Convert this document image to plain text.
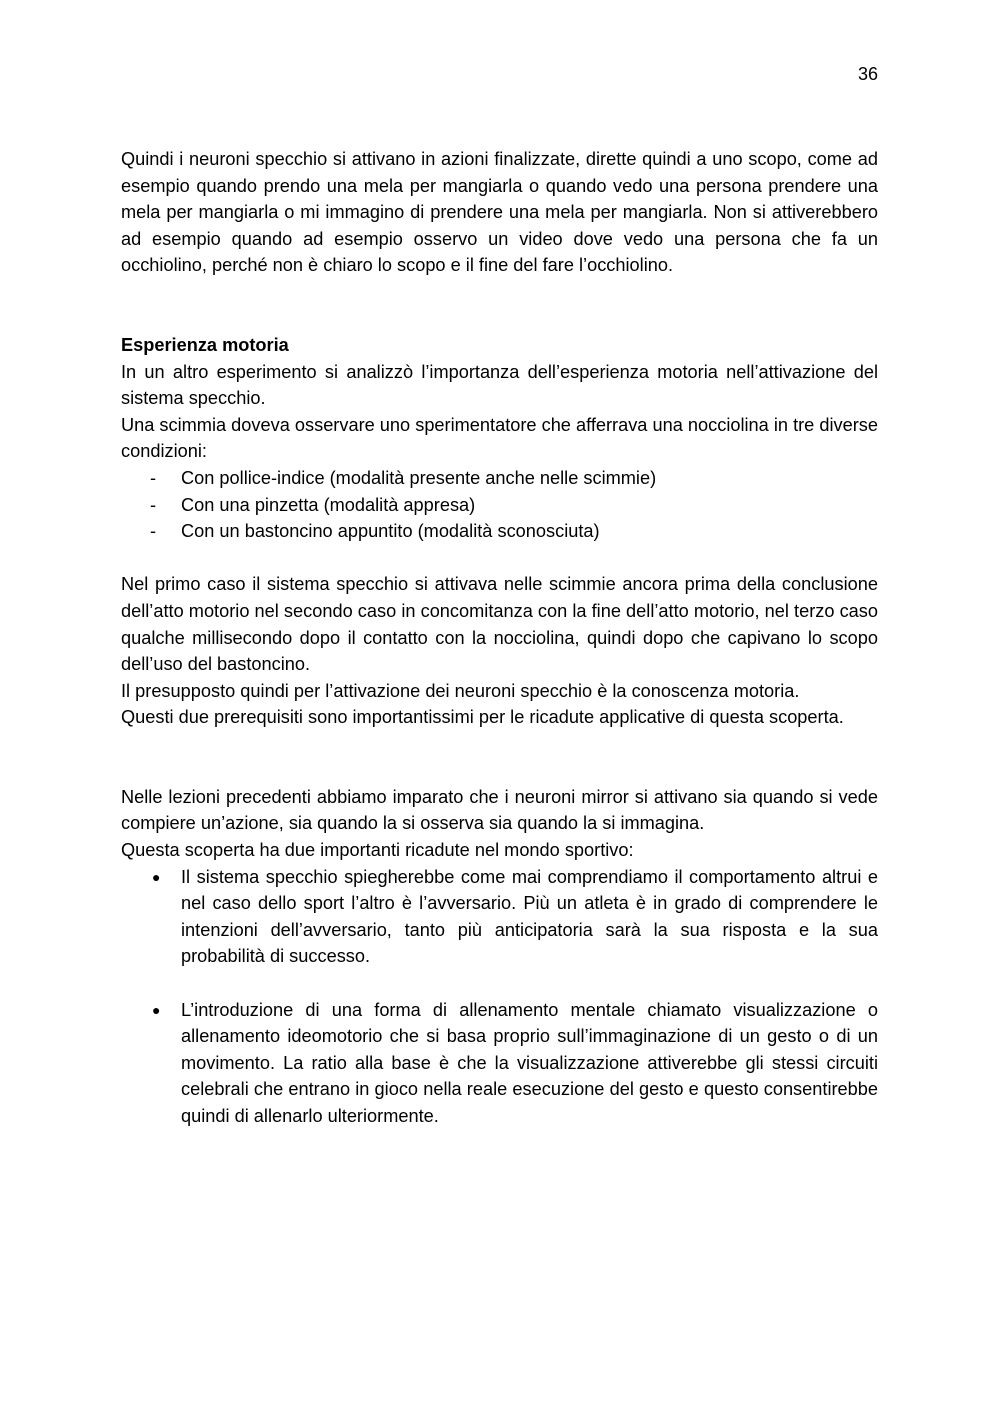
36

Quindi i neuroni specchio si attivano in azioni finalizzate, dirette quindi a uno scopo, come ad esempio quando prendo una mela per mangiarla o quando vedo una persona prendere una mela per mangiarla o mi immagino di prendere una mela per mangiarla. Non si attiverebbero ad esempio quando ad esempio osservo un video dove vedo una persona che fa un occhiolino, perché non è chiaro lo scopo e il fine del fare l’occhiolino.

Esperienza motoria

In un altro esperimento si analizzò l’importanza dell’esperienza motoria nell’attivazione del sistema specchio.

Una scimmia doveva osservare uno sperimentatore che afferrava una nocciolina in tre diverse condizioni:

- Con pollice-indice (modalità presente anche nelle scimmie)
- Con una pinzetta (modalità appresa)
- Con un bastoncino appuntito (modalità sconosciuta)

Nel primo caso il sistema specchio si attivava nelle scimmie ancora prima della conclusione dell’atto motorio nel secondo caso in concomitanza con la fine dell’atto motorio, nel terzo caso qualche millisecondo dopo il contatto con la nocciolina, quindi dopo che capivano lo scopo dell’uso del bastoncino.

Il presupposto quindi per l’attivazione dei neuroni specchio è la conoscenza motoria.

Questi due prerequisiti sono importantissimi per le ricadute applicative di questa scoperta.

Nelle lezioni precedenti abbiamo imparato che i neuroni mirror si attivano sia quando si vede compiere un’azione, sia quando la si osserva sia quando la si immagina.

Questa scoperta ha due importanti ricadute nel mondo sportivo:

● Il sistema specchio spiegherebbe come mai comprendiamo il comportamento altrui e nel caso dello sport l’altro è l’avversario. Più un atleta è in grado di comprendere le intenzioni dell’avversario, tanto più anticipatoria sarà la sua risposta e la sua probabilità di successo.
● L’introduzione di una forma di allenamento mentale chiamato visualizzazione o allenamento ideomotorio che si basa proprio sull’immaginazione di un gesto o di un movimento. La ratio alla base è che la visualizzazione attiverebbe gli stessi circuiti celebrali che entrano in gioco nella reale esecuzione del gesto e questo consentirebbe quindi di allenarlo ulteriormente.
